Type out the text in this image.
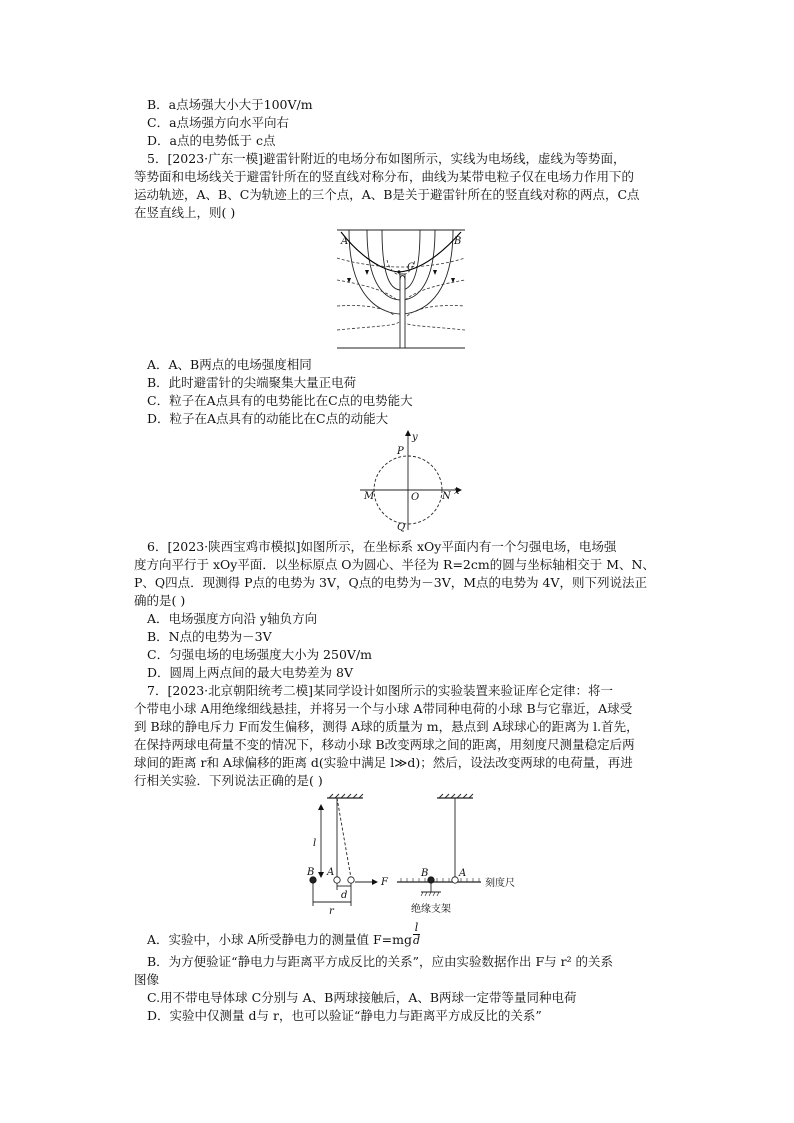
B．a点场强大小大于100V/m
C．a点场强方向水平向右
D．a点的电势低于 c点
5．[2023·广东一模]避雷针附近的电场分布如图所示，实线为电场线，虚线为等势面，
等势面和电场线关于避雷针所在的竖直线对称分布，曲线为某带电粒子仅在电场力作用下的
运动轨迹，A、B、C为轨迹上的三个点，A、B是关于避雷针所在的竖直线对称的两点，C点
在竖直线上，则( )
A	B
C
A．A、B两点的电场强度相同
B．此时避雷针的尖端聚集大量正电荷
C．粒子在A点具有的电势能比在C点的电势能大
D．粒子在A点具有的动能比在C点的动能大
y
x
P
Q
M	N
O
6．[2023·陕西宝鸡市模拟]如图所示，在坐标系 xOy平面内有一个匀强电场，电场强
度方向平行于 xOy平面．以坐标原点 O为圆心、半径为 R=2cm的圆与坐标轴相交于 M、N、
P、Q四点．现测得 P点的电势为 3V，Q点的电势为－3V，M点的电势为 4V，则下列说法正
确的是( )
A．电场强度方向沿 y轴负方向
B．N点的电势为－3V
C．匀强电场的电场强度大小为 250V/m
D．圆周上两点间的最大电势差为 8V
7．[2023·北京朝阳统考二模]某同学设计如图所示的实验装置来验证库仑定律：将一
个带电小球 A用绝缘细线悬挂，并将另一个与小球 A带同种电荷的小球 B与它靠近，A球受
到 B球的静电斥力 F而发生偏移，测得 A球的质量为 m，悬点到 A球球心的距离为 l.首先，
在保持两球电荷量不变的情况下，移动小球 B改变两球之间的距离，用刻度尺测量稳定后两
球间的距离 r和 A球偏移的距离 d(实验中满足 l≫d)；然后，设法改变两球的电荷量，再进
行相关实验．下列说法正确的是( )
l
B A
F
d
r
B	A
刻度尺
绝缘支架
A．实验中，小球 A所受静电力的测量值 $F=mg \frac{l}{d}$
B．为方便验证“静电力与距离平方成反比的关系”，应由实验数据作出 F与 r² 的关系
图像
C.用不带电导体球 C分别与 A、B两球接触后，A、B两球一定带等量同种电荷
D．实验中仅测量 d与 r，也可以验证“静电力与距离平方成反比的关系”
